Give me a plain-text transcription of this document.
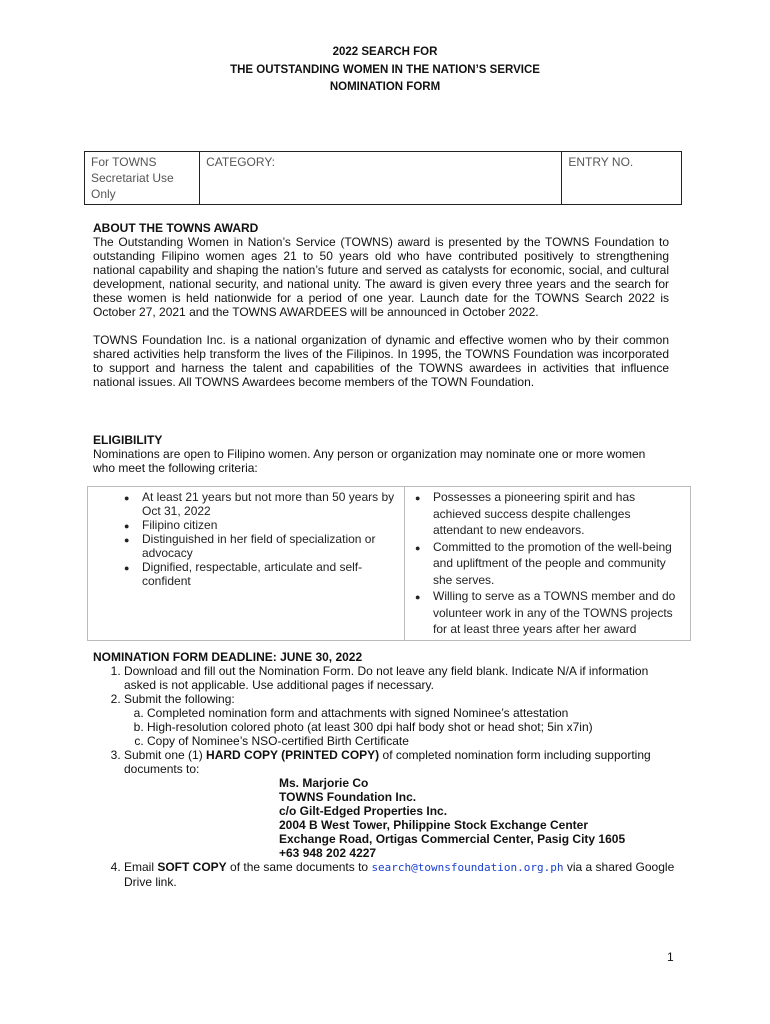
2022 SEARCH FOR
THE OUTSTANDING WOMEN IN THE NATION’S SERVICE
NOMINATION FORM
For TOWNS Secretariat Use Only	CATEGORY:	ENTRY NO.
ABOUT THE TOWNS AWARD
The Outstanding Women in Nation’s Service (TOWNS) award is presented by the TOWNS Foundation to outstanding Filipino women ages 21 to 50 years old who have contributed positively to strengthening national capability and shaping the nation’s future and served as catalysts for economic, social, and cultural development, national security, and national unity. The award is given every three years and the search for these women is held nationwide for a period of one year. Launch date for the TOWNS Search 2022 is October 27, 2021 and the TOWNS AWARDEES will be announced in October 2022.
TOWNS Foundation Inc. is a national organization of dynamic and effective women who by their common shared activities help transform the lives of the Filipinos. In 1995, the TOWNS Foundation was incorporated to support and harness the talent and capabilities of the TOWNS awardees in activities that influence national issues. All TOWNS Awardees become members of the TOWN Foundation.
ELIGIBILITY
Nominations are open to Filipino women. Any person or organization may nominate one or more women who meet the following criteria:
● At least 21 years but not more than 50 years by Oct 31, 2022
● Filipino citizen
● Distinguished in her field of specialization or advocacy
● Dignified, respectable, articulate and self- confident

● Possesses a pioneering spirit and has achieved success despite challenges attendant to new endeavors.
● Committed to the promotion of the well-being and upliftment of the people and community she serves.
● Willing to serve as a TOWNS member and do volunteer work in any of the TOWNS projects for at least three years after her award
NOMINATION FORM DEADLINE: JUNE 30, 2022
1. Download and fill out the Nomination Form. Do not leave any field blank. Indicate N/A if information asked is not applicable. Use additional pages if necessary.
2. Submit the following:
a. Completed nomination form and attachments with signed Nominee’s attestation
b. High-resolution colored photo (at least 300 dpi half body shot or head shot; 5in x7in)
c. Copy of Nominee’s NSO-certified Birth Certificate
3. Submit one (1) HARD COPY (PRINTED COPY) of completed nomination form including supporting documents to:
Ms. Marjorie Co
TOWNS Foundation Inc.
c/o Gilt-Edged Properties Inc.
2004 B West Tower, Philippine Stock Exchange Center
Exchange Road, Ortigas Commercial Center, Pasig City 1605
+63 948 202 4227
4. Email SOFT COPY of the same documents to search@townsfoundation.org.ph via a shared Google Drive link.
1
